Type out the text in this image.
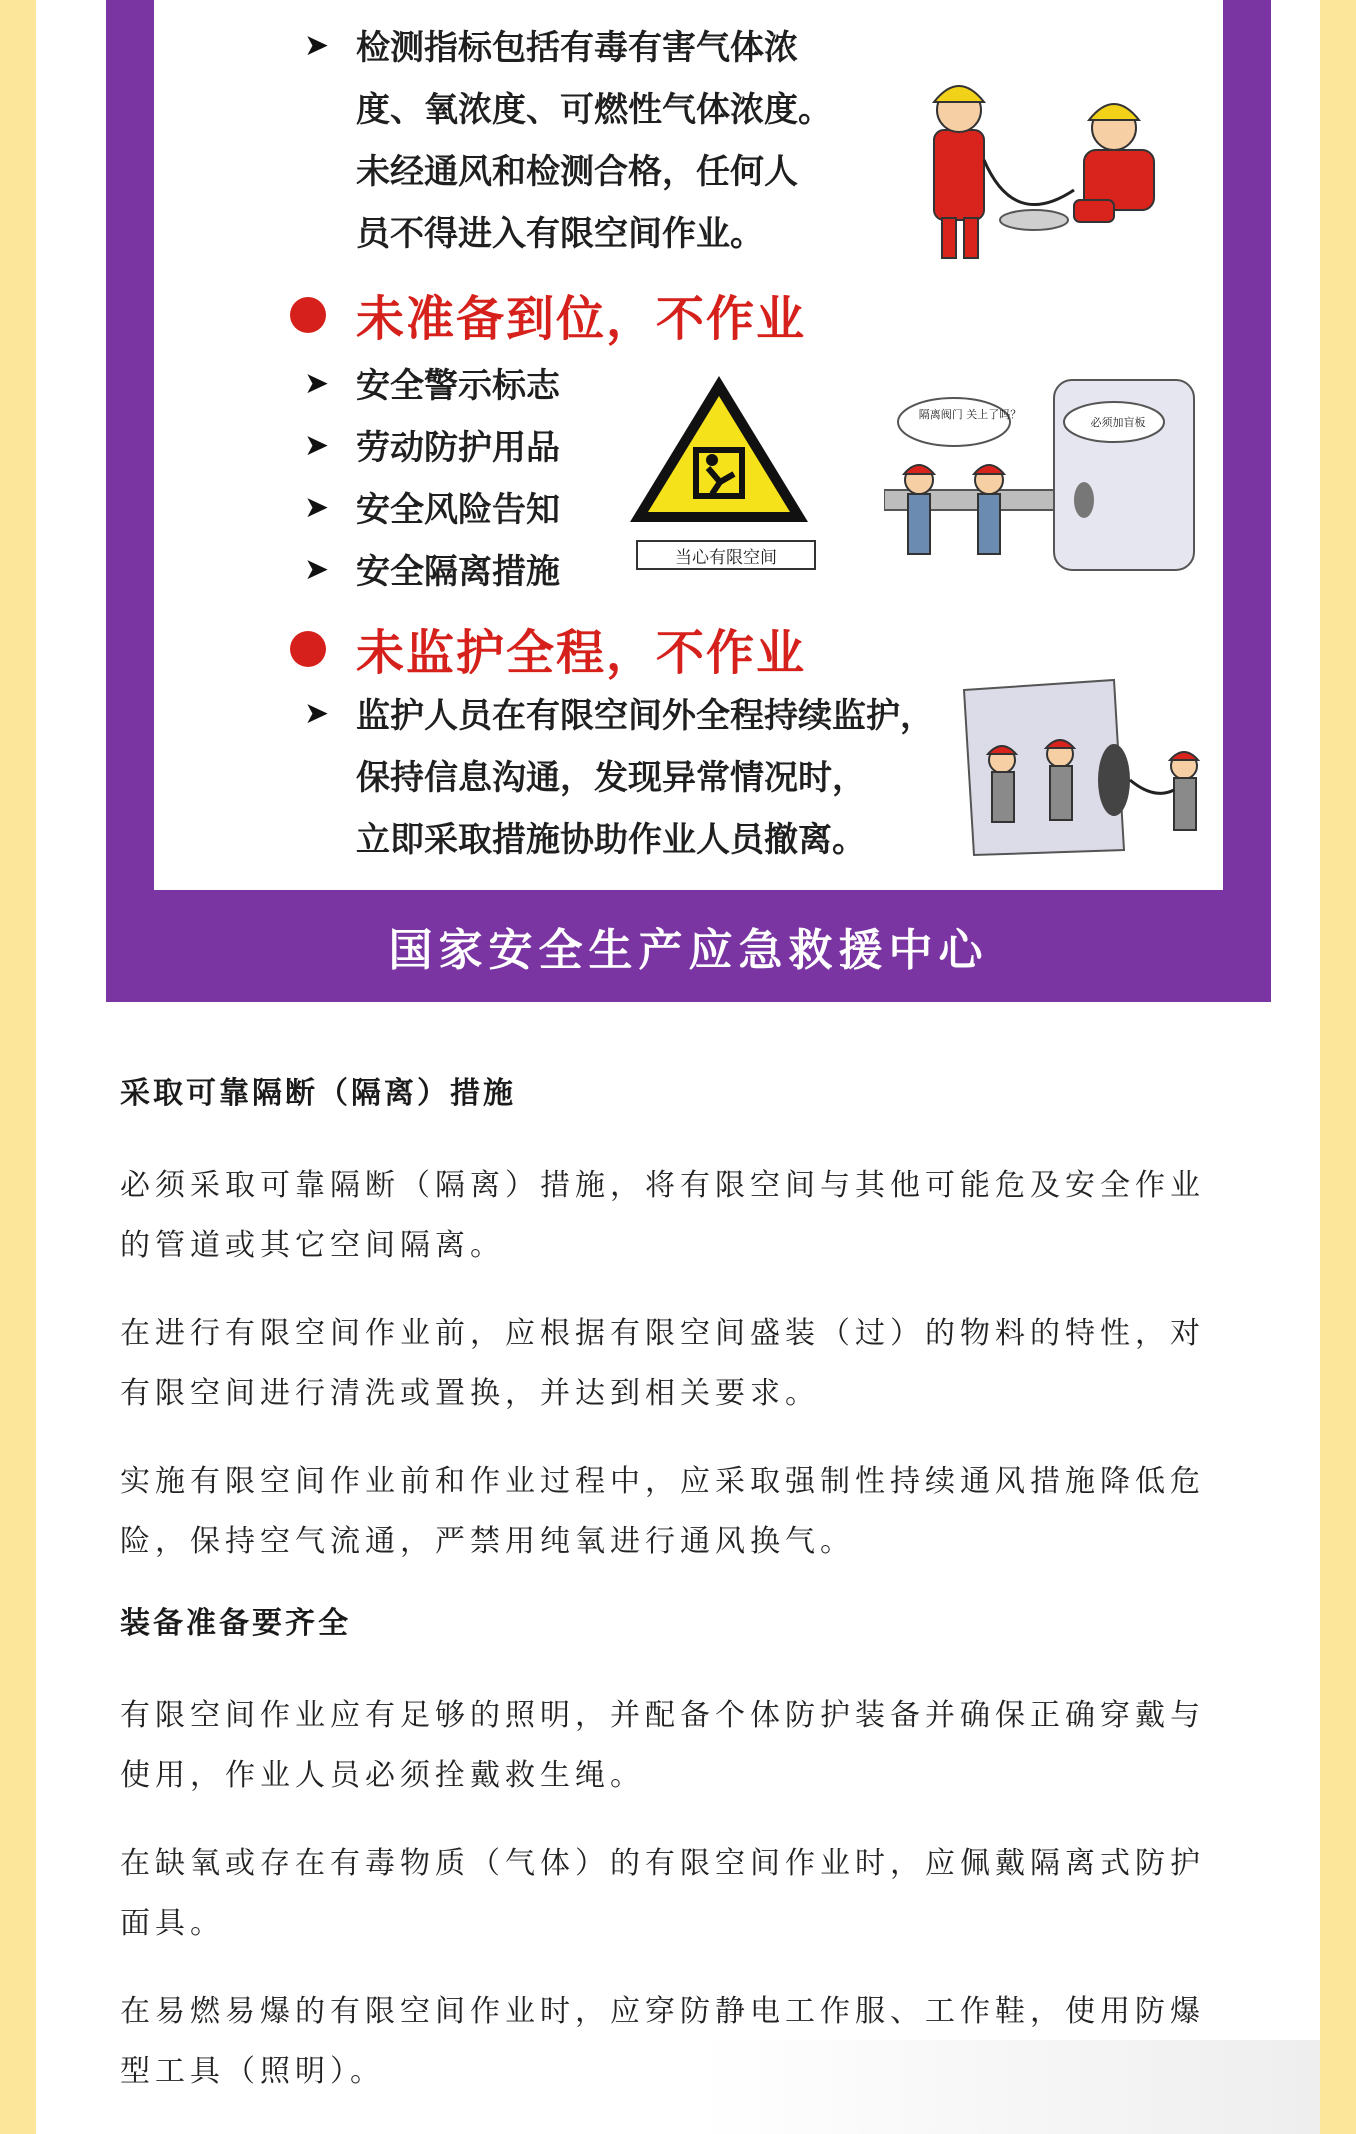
➤ 检测指标包括有毒有害气体浓
度、氧浓度、可燃性气体浓度。
未经通风和检测合格，任何人
员不得进入有限空间作业。
未准备到位，不作业
➤ 安全警示标志
➤ 劳动防护用品
➤ 安全风险告知
➤ 安全隔离措施	当心有限空间
隔离阀门 关上了吗？
必须加盲板
未监护全程，不作业
➤ 监护人员在有限空间外全程持续监护，
保持信息沟通，发现异常情况时，
立即采取措施协助作业人员撤离。
国家安全生产应急救援中心
采取可靠隔断（隔离）措施
必须采取可靠隔断（隔离）措施，将有限空间与其他可能危及安全作业的管道或其它空间隔离。
在进行有限空间作业前，应根据有限空间盛装（过）的物料的特性，对有限空间进行清洗或置换，并达到相关要求。
实施有限空间作业前和作业过程中，应采取强制性持续通风措施降低危险，保持空气流通，严禁用纯氧进行通风换气。
装备准备要齐全
有限空间作业应有足够的照明，并配备个体防护装备并确保正确穿戴与使用，作业人员必须拴戴救生绳。
在缺氧或存在有毒物质（气体）的有限空间作业时，应佩戴隔离式防护面具。
在易燃易爆的有限空间作业时，应穿防静电工作服、工作鞋，使用防爆型工具（照明）。
